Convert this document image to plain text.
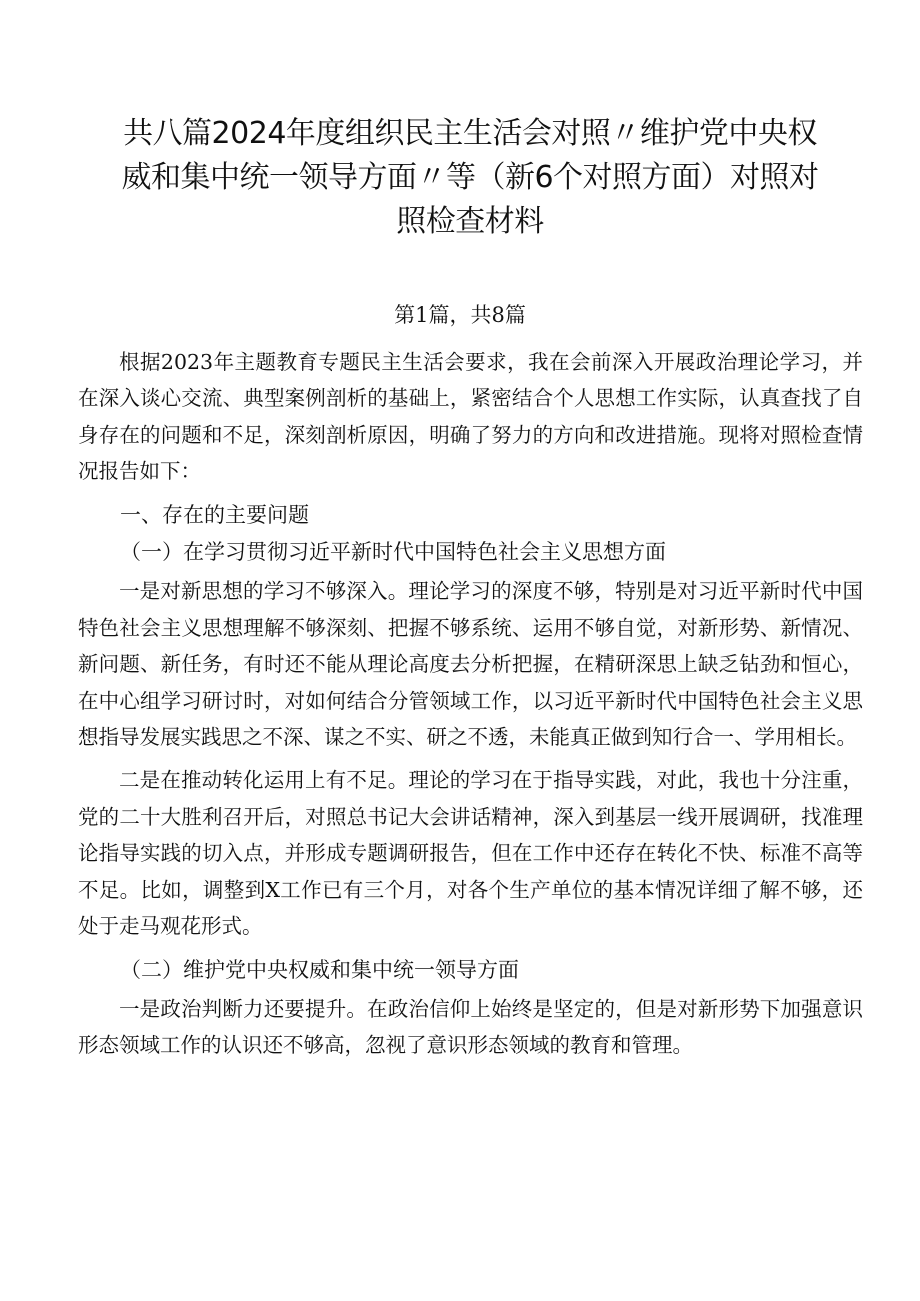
共八篇2024年度组织民主生活会对照〃维护党中央权威和集中统一领导方面〃等（新6个对照方面）对照对照检查材料
第1篇，共8篇

根据2023年主题教育专题民主生活会要求，我在会前深入开展政治理论学习，并在深入谈心交流、典型案例剖析的基础上，紧密结合个人思想工作实际，认真查找了自身存在的问题和不足，深刻剖析原因，明确了努力的方向和改进措施。现将对照检查情况报告如下：

一、存在的主要问题
（一）在学习贯彻习近平新时代中国特色社会主义思想方面

一是对新思想的学习不够深入。理论学习的深度不够，特别是对习近平新时代中国特色社会主义思想理解不够深刻、把握不够系统、运用不够自觉，对新形势、新情况、新问题、新任务，有时还不能从理论高度去分析把握，在精研深思上缺乏钻劲和恒心，在中心组学习研讨时，对如何结合分管领域工作，以习近平新时代中国特色社会主义思想指导发展实践思之不深、谋之不实、研之不透，未能真正做到知行合一、学用相长。

二是在推动转化运用上有不足。理论的学习在于指导实践，对此，我也十分注重，党的二十大胜利召开后，对照总书记大会讲话精神，深入到基层一线开展调研，找准理论指导实践的切入点，并形成专题调研报告，但在工作中还存在转化不快、标准不高等不足。比如，调整到X工作已有三个月，对各个生产单位的基本情况详细了解不够，还处于走马观花形式。

（二）维护党中央权威和集中统一领导方面

一是政治判断力还要提升。在政治信仰上始终是坚定的，但是对新形势下加强意识形态领域工作的认识还不够高，忽视了意识形态领域的教育和管理。
